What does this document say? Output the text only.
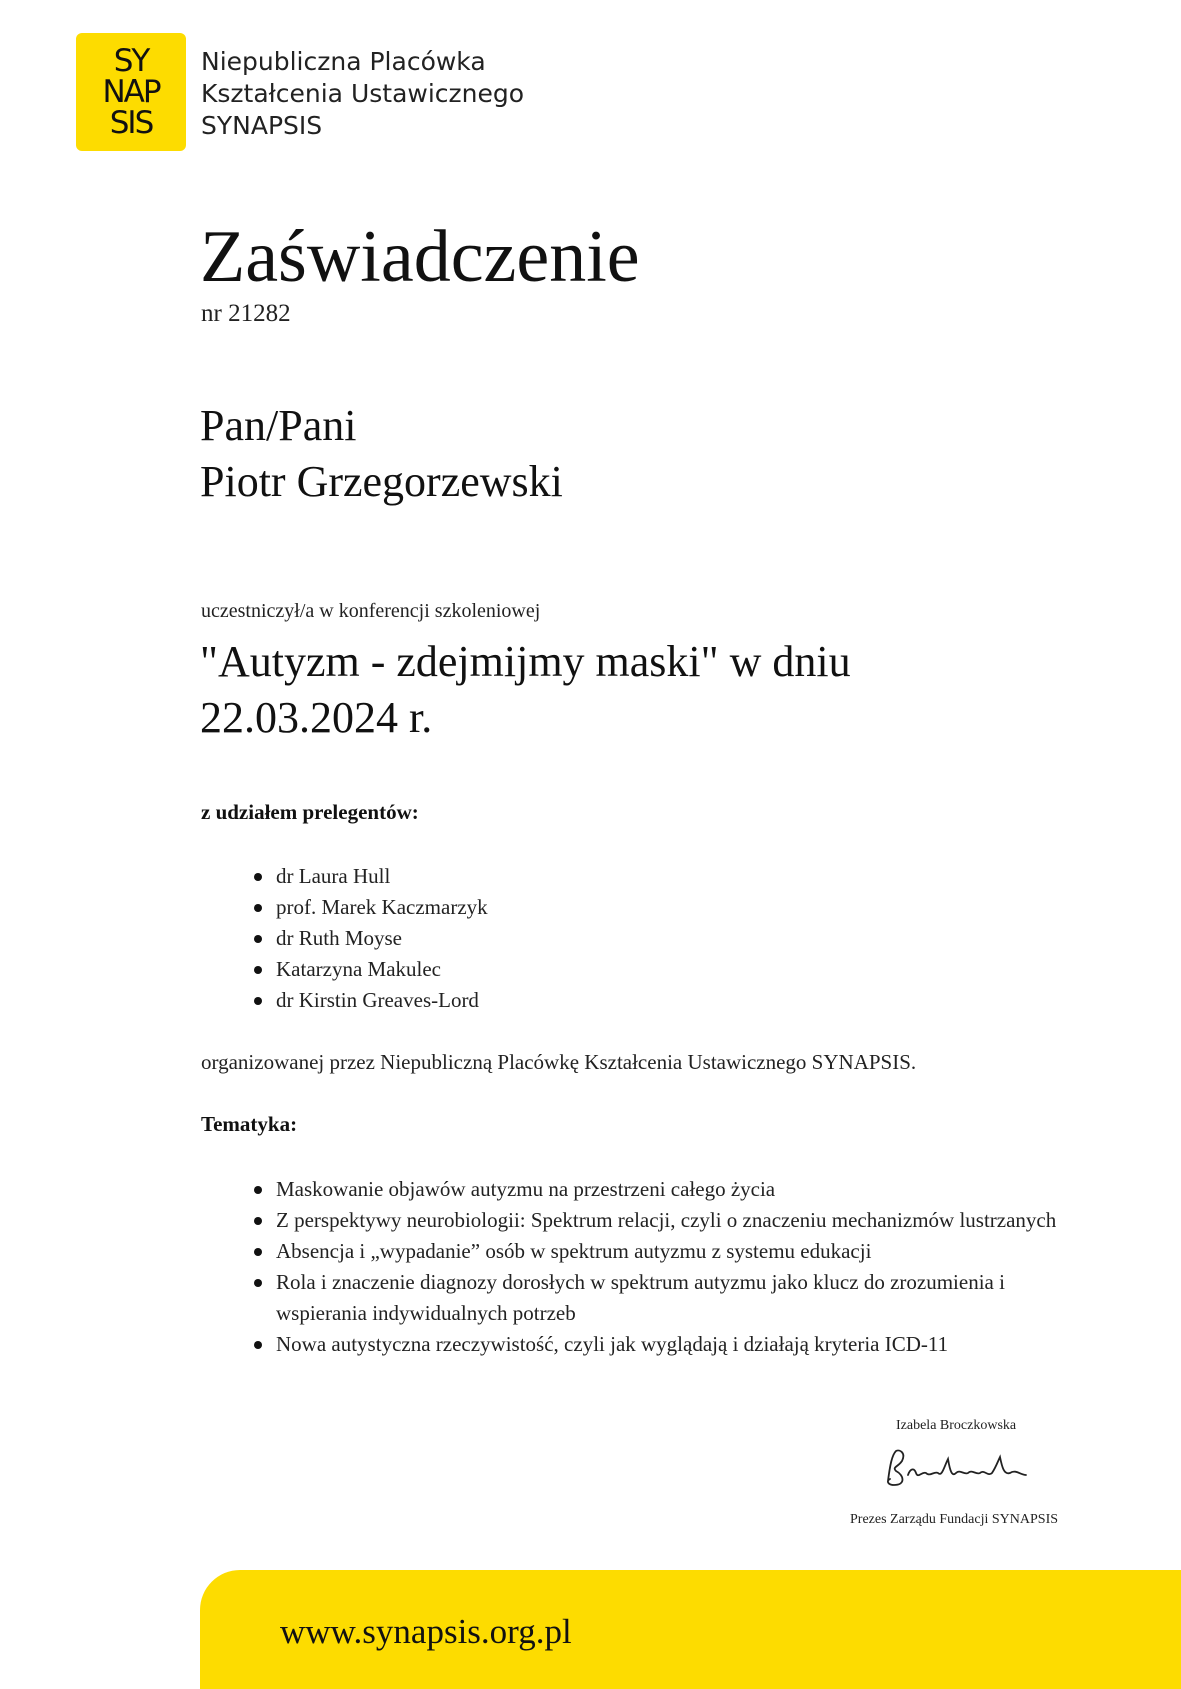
SY
NAP
SIS
Niepubliczna Placówka
Kształcenia Ustawicznego
SYNAPSIS
Zaświadczenie
nr 21282
Pan/Pani
Piotr Grzegorzewski
uczestniczył/a w konferencji szkoleniowej
"Autyzm - zdejmijmy maski" w dniu
22.03.2024 r.
z udziałem prelegentów:
dr Laura Hull
prof. Marek Kaczmarzyk
dr Ruth Moyse
Katarzyna Makulec
dr Kirstin Greaves-Lord
organizowanej przez Niepubliczną Placówkę Kształcenia Ustawicznego SYNAPSIS.
Tematyka:
Maskowanie objawów autyzmu na przestrzeni całego życia
Z perspektywy neurobiologii: Spektrum relacji, czyli o znaczeniu mechanizmów lustrzanych
Absencja i „wypadanie” osób w spektrum autyzmu z systemu edukacji
Rola i znaczenie diagnozy dorosłych w spektrum autyzmu jako klucz do zrozumienia i wspierania indywidualnych potrzeb
Nowa autystyczna rzeczywistość, czyli jak wyglądają i działają kryteria ICD-11
Izabela Broczkowska
Prezes Zarządu Fundacji SYNAPSIS
www.synapsis.org.pl
